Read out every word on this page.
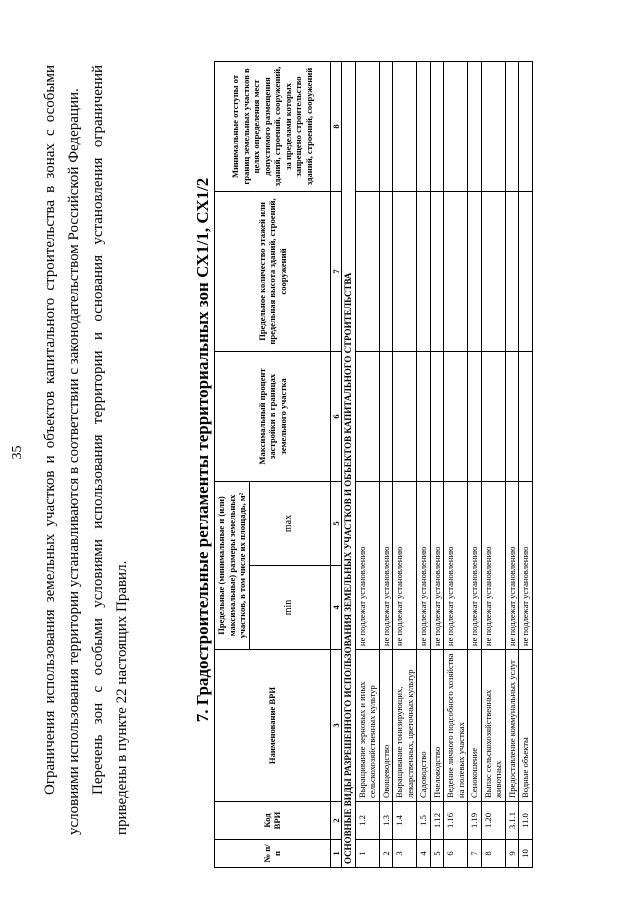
35 Ограничения использования земельных участков и объектов капитального строительства в зонах с особыми условиями использования территории устанавливаются в соответствии с законодательством Российской Федерации. Перечень зон с особыми условиями использования территории и основания установления ограничений приведены в пункте 22 настоящих Правил.	7. Градостроительные регламенты территориальных зон СХ1/1, СХ1/2
№ п/п	Код ВРИ	Наименование ВРИ	Предельные (минимальные и (или) максимальные) размеры земельных участков, в том числе их площадь, м²		Максимальный процент застройки в границах земельного участка	Предельное количество этажей или предельная высота зданий, строений, сооружений	Минимальные отступы от границ земельных участков в целях определения мест допустимого размещения зданий, строений, сооружений, за пределами которых запрещено строительство зданий, строений, сооружений
			min	max			
1	2	3	4	5	6	7	8
ОСНОВНЫЕ ВИДЫ РАЗРЕШЕННОГО ИСПОЛЬЗОВАНИЯ ЗЕМЕЛЬНЫХ УЧАСТКОВ И ОБЪЕКТОВ КАПИТАЛЬНОГО СТРОИТЕЛЬСТВА							
1	1.2	Выращивание зерновых и иных сельскохозяйственных культур	не подлежат установлению				
2	1.3	Овощеводство	не подлежат установлению				
3	1.4	Выращивание тонизирующих, лекарственных, цветочных культур	не подлежат установлению				
4	1.5	Садоводство	не подлежат установлению				
5	1.12	Пчеловодство	не подлежат установлению				
6	1.16	Ведение личного подсобного хозяйства на полевых участках	не подлежат установлению				
7	1.19	Сенокошение	не подлежат установлению				
8	1.20	Выпас сельскохозяйственных животных	не подлежат установлению				
9	3.1.1	Предоставление коммунальных услуг	не подлежат установлению				
10	11.0	Водные объекты	не подлежат установлению				
